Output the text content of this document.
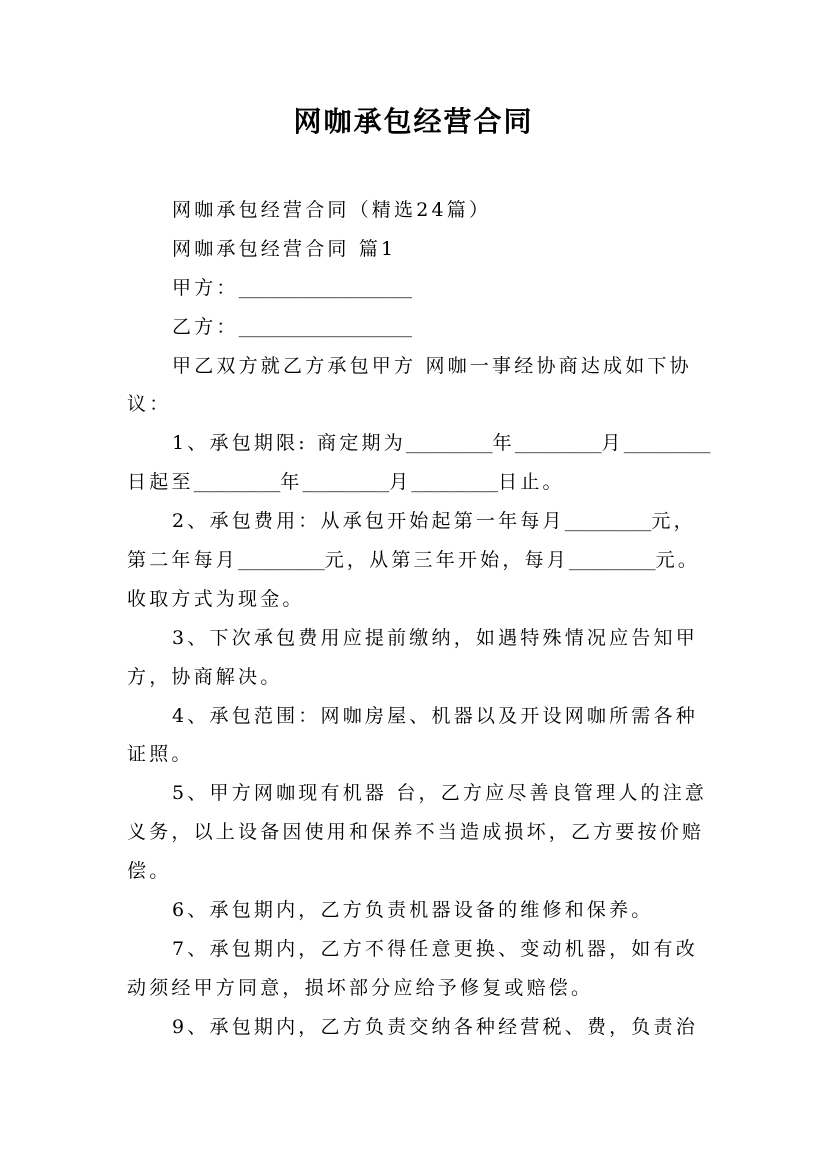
网咖承包经营合同
网咖承包经营合同（精选24篇）
网咖承包经营合同 篇1
甲方：________________
乙方：________________
甲乙双方就乙方承包甲方 网咖一事经协商达成如下协
议：
1、承包期限: 商定期为________年________月________
日起至________年________月________日止。
2、承包费用：从承包开始起第一年每月________元，
第二年每月________元，从第三年开始，每月________元。
收取方式为现金。
3、下次承包费用应提前缴纳，如遇特殊情况应告知甲
方，协商解决。
4、承包范围：网咖房屋、机器以及开设网咖所需各种
证照。
5、甲方网咖现有机器 台，乙方应尽善良管理人的注意
义务，以上设备因使用和保养不当造成损坏，乙方要按价赔
偿。
6、承包期内，乙方负责机器设备的维修和保养。
7、承包期内，乙方不得任意更换、变动机器，如有改
动须经甲方同意，损坏部分应给予修复或赔偿。
9、承包期内，乙方负责交纳各种经营税、费，负责治
